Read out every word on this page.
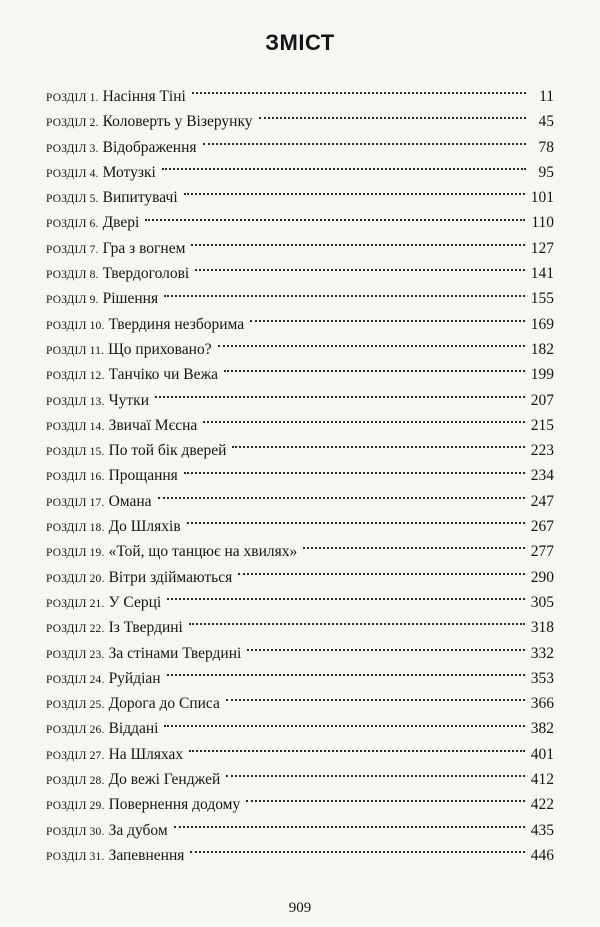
ЗМІСТ
РОЗДІЛ 1. Насіння Тіні	11
РОЗДІЛ 2. Коловерть у Візерунку	45
РОЗДІЛ 3. Відображення	78
РОЗДІЛ 4. Мотузкі	95
РОЗДІЛ 5. Випитувачі	101
РОЗДІЛ 6. Двері	110
РОЗДІЛ 7. Гра з вогнем	127
РОЗДІЛ 8. Твердоголові	141
РОЗДІЛ 9. Рішення	155
РОЗДІЛ 10. Твердиня незборима	169
РОЗДІЛ 11. Що приховано?	182
РОЗДІЛ 12. Танчіко чи Вежа	199
РОЗДІЛ 13. Чутки	207
РОЗДІЛ 14. Звичаї Мєсна	215
РОЗДІЛ 15. По той бік дверей	223
РОЗДІЛ 16. Прощання	234
РОЗДІЛ 17. Омана	247
РОЗДІЛ 18. До Шляхів	267
РОЗДІЛ 19. «Той, що танцює на хвилях»	277
РОЗДІЛ 20. Вітри здіймаються	290
РОЗДІЛ 21. У Серці	305
РОЗДІЛ 22. Із Твердині	318
РОЗДІЛ 23. За стінами Твердині	332
РОЗДІЛ 24. Руйдіан	353
РОЗДІЛ 25. Дорога до Списа	366
РОЗДІЛ 26. Віддані	382
РОЗДІЛ 27. На Шляхах	401
РОЗДІЛ 28. До вежі Генджей	412
РОЗДІЛ 29. Повернення додому	422
РОЗДІЛ 30. За дубом	435
РОЗДІЛ 31. Запевнення	446
909
